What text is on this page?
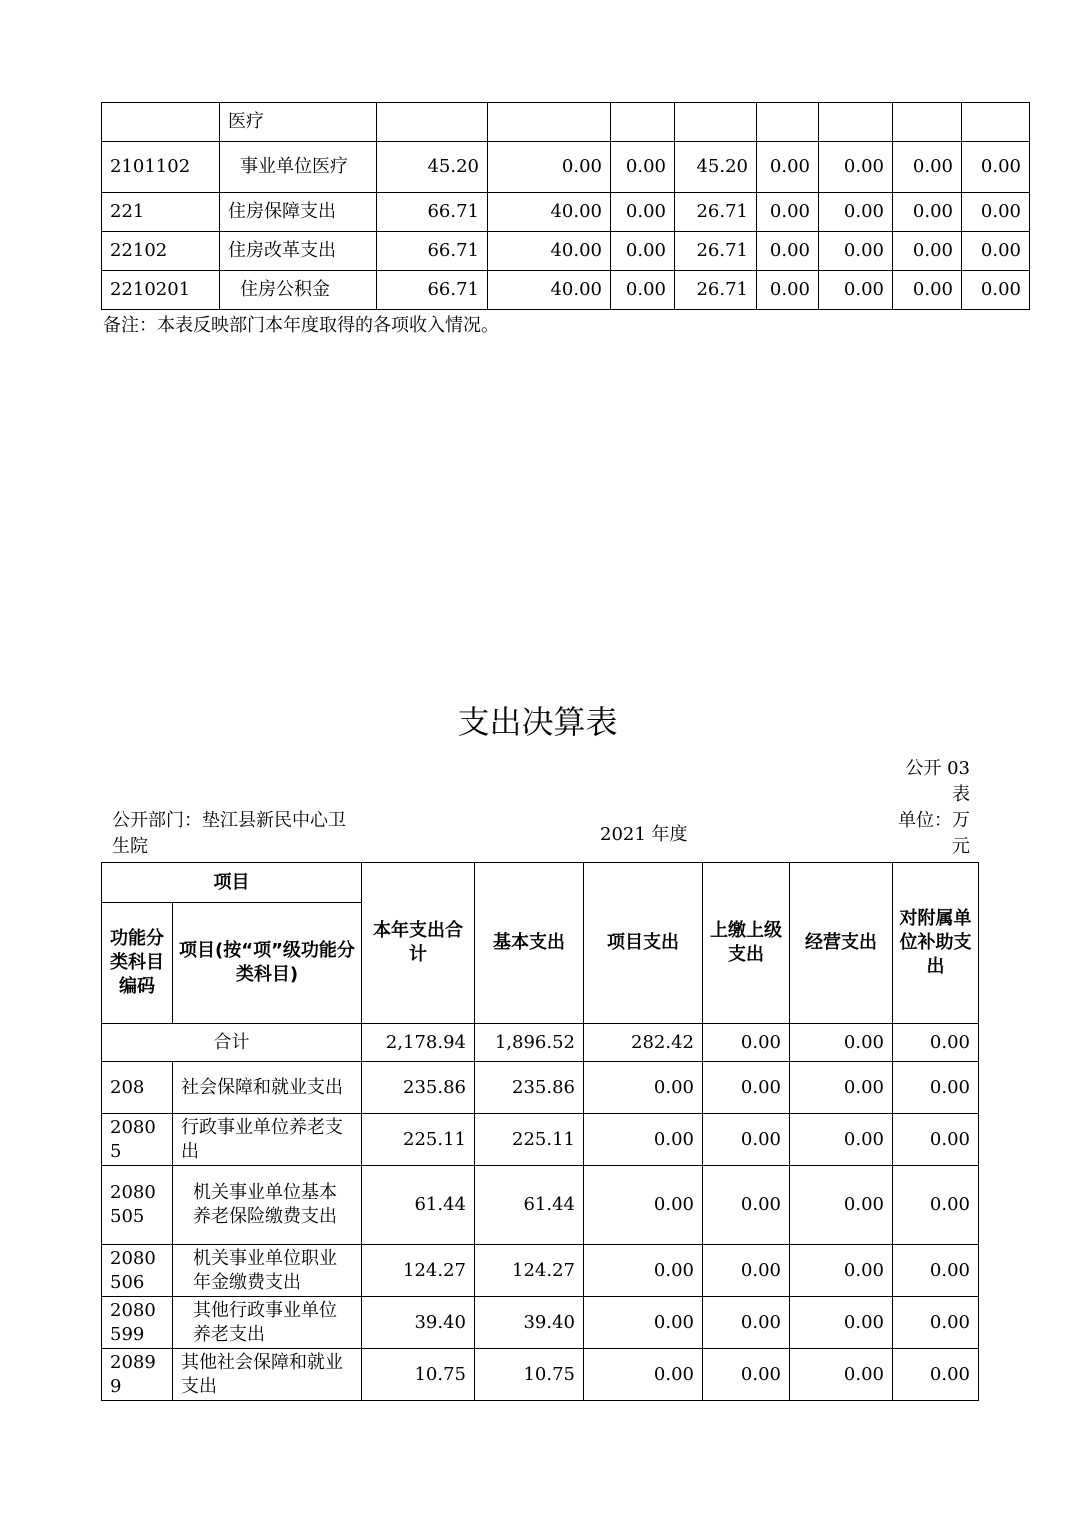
	医疗								
2101102	事业单位医疗	45.20	0.00	0.00	45.20	0.00	0.00	0.00	0.00
221	住房保障支出	66.71	40.00	0.00	26.71	0.00	0.00	0.00	0.00
22102	住房改革支出	66.71	40.00	0.00	26.71	0.00	0.00	0.00	0.00
2210201	住房公积金	66.71	40.00	0.00	26.71	0.00	0.00	0.00	0.00
备注：本表反映部门本年度取得的各项收入情况。
支出决算表
公开 03 表
公开部门：垫江县新民中心卫生院
2021 年度
单位：万元
项目		本年支出合计	基本支出	项目支出	上缴上级支出	经营支出	对附属单位补助支出
功能分类科目编码	项目(按“项”级功能分类科目)						
合计		2,178.94	1,896.52	282.42	0.00	0.00	0.00
208	社会保障和就业支出	235.86	235.86	0.00	0.00	0.00	0.00
20805	行政事业单位养老支出	225.11	225.11	0.00	0.00	0.00	0.00
2080505	机关事业单位基本养老保险缴费支出	61.44	61.44	0.00	0.00	0.00	0.00
2080506	机关事业单位职业年金缴费支出	124.27	124.27	0.00	0.00	0.00	0.00
2080599	其他行政事业单位养老支出	39.40	39.40	0.00	0.00	0.00	0.00
20899	其他社会保障和就业支出	10.75	10.75	0.00	0.00	0.00	0.00
